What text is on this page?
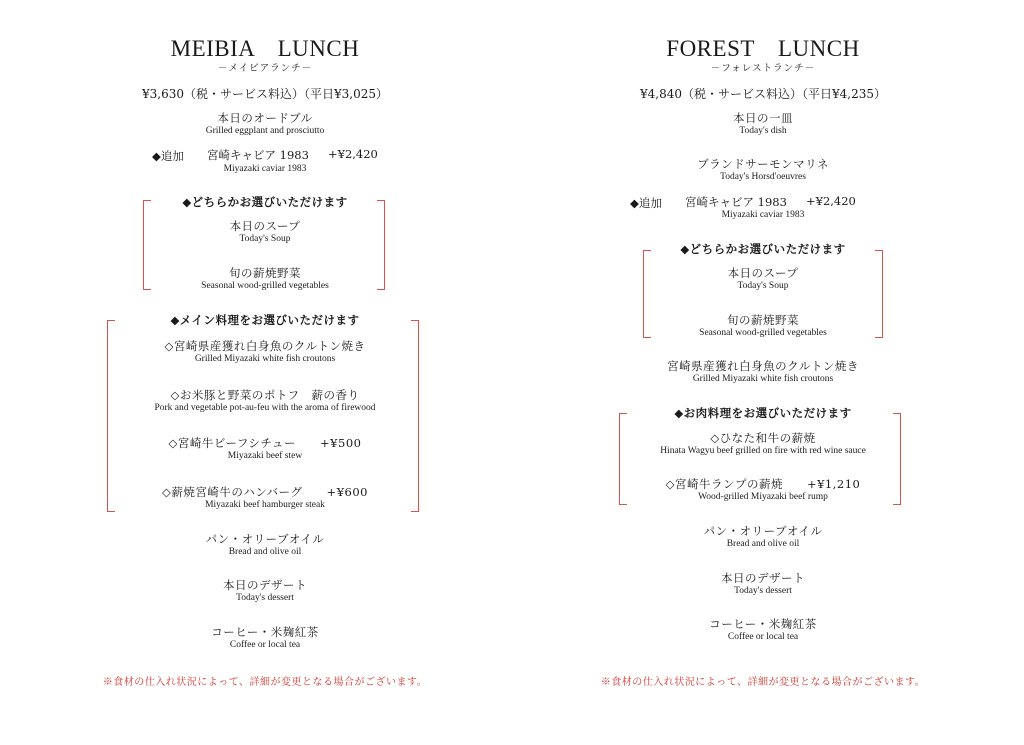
MEIBIA　LUNCH
－メイビアランチ－
¥3,630（税・サービス料込）（平日¥3,025）
本日のオードブル
Grilled eggplant and prosciutto
◆追加 宮崎キャビア 1983 +¥2,420
Miyazaki caviar 1983
◆どちらかお選びいただけます
本日のスープ
Today's Soup
旬の薪焼野菜
Seasonal wood-grilled vegetables
◆メイン料理をお選びいただけます
◇宮崎県産獲れ白身魚のクルトン焼き
Grilled Miyazaki white fish croutons
◇お米豚と野菜のポトフ　薪の香り
Pork and vegetable pot-au-feu with the aroma of firewood
◇宮崎牛ビーフシチュー　　+¥500
Miyazaki beef stew
◇薪焼宮崎牛のハンバーグ　　+¥600
Miyazaki beef hamburger steak
パン・オリーブオイル
Bread and olive oil
本日のデザート
Today's dessert
コーヒー・米麹紅茶
Coffee or local tea
※食材の仕入れ状況によって、詳細が変更となる場合がございます。
FOREST　LUNCH
－フォレストランチ－
¥4,840（税・サービス料込）（平日¥4,235）
本日の一皿
Today's dish
ブランドサーモンマリネ
Today's Horsd'oeuvres
◆追加 宮崎キャビア 1983 +¥2,420
Miyazaki caviar 1983
◆どちらかお選びいただけます
本日のスープ
Today's Soup
旬の薪焼野菜
Seasonal wood-grilled vegetables
宮崎県産獲れ白身魚のクルトン焼き
Grilled Miyazaki white fish croutons
◆お肉料理をお選びいただけます
◇ひなた和牛の薪焼
Hinata Wagyu beef grilled on fire with red wine sauce
◇宮崎牛ランプの薪焼　　+¥1,210
Wood-grilled Miyazaki beef rump
パン・オリーブオイル
Bread and olive oil
本日のデザート
Today's dessert
コーヒー・米麹紅茶
Coffee or local tea
※食材の仕入れ状況によって、詳細が変更となる場合がございます。
